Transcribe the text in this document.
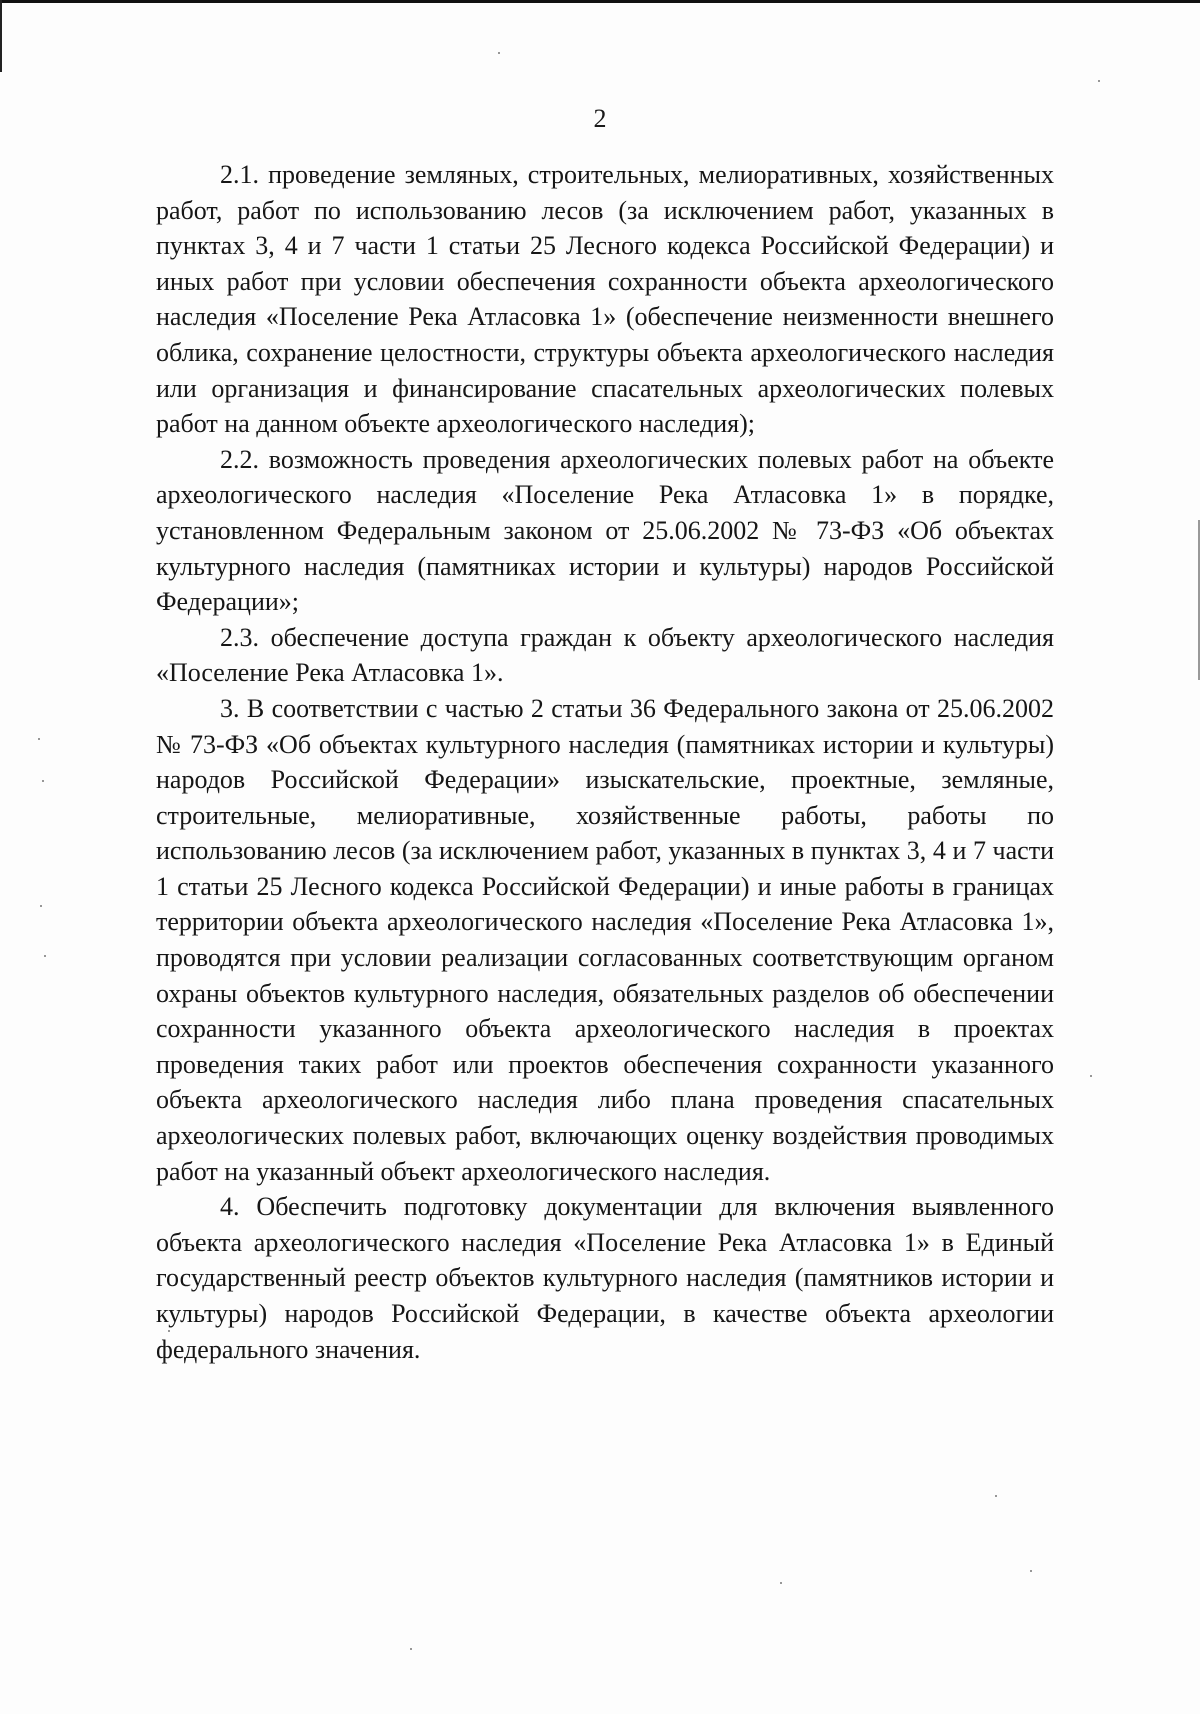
2

2.1. проведение земляных, строительных, мелиоративных, хозяйственных работ, работ по использованию лесов (за исключением работ, указанных в пунктах 3, 4 и 7 части 1 статьи 25 Лесного кодекса Российской Федерации) и иных работ при условии обеспечения сохранности объекта археологического наследия «Поселение Река Атласовка 1» (обеспечение неизменности внешнего облика, сохранение целостности, структуры объекта археологического наследия или организация и финансирование спасательных археологических полевых работ на данном объекте археологического наследия);

2.2. возможность проведения археологических полевых работ на объекте археологического наследия «Поселение Река Атласовка 1» в порядке, установленном Федеральным законом от 25.06.2002 № 73-ФЗ «Об объектах культурного наследия (памятниках истории и культуры) народов Российской Федерации»;

2.3. обеспечение доступа граждан к объекту археологического наследия «Поселение Река Атласовка 1».

3. В соответствии с частью 2 статьи 36 Федерального закона от 25.06.2002 № 73-ФЗ «Об объектах культурного наследия (памятниках истории и культуры) народов Российской Федерации» изыскательские, проектные, земляные, строительные, мелиоративные, хозяйственные работы, работы по использованию лесов (за исключением работ, указанных в пунктах 3, 4 и 7 части 1 статьи 25 Лесного кодекса Российской Федерации) и иные работы в границах территории объекта археологического наследия «Поселение Река Атласовка 1», проводятся при условии реализации согласованных соответствующим органом охраны объектов культурного наследия, обязательных разделов об обеспечении сохранности указанного объекта археологического наследия в проектах проведения таких работ или проектов обеспечения сохранности указанного объекта археологического наследия либо плана проведения спасательных археологических полевых работ, включающих оценку воздействия проводимых работ на указанный объект археологического наследия.

4. Обеспечить подготовку документации для включения выявленного объекта археологического наследия «Поселение Река Атласовка 1» в Единый государственный реестр объектов культурного наследия (памятников истории и культуры) народов Российской Федерации, в качестве объекта археологии федерального значения.
